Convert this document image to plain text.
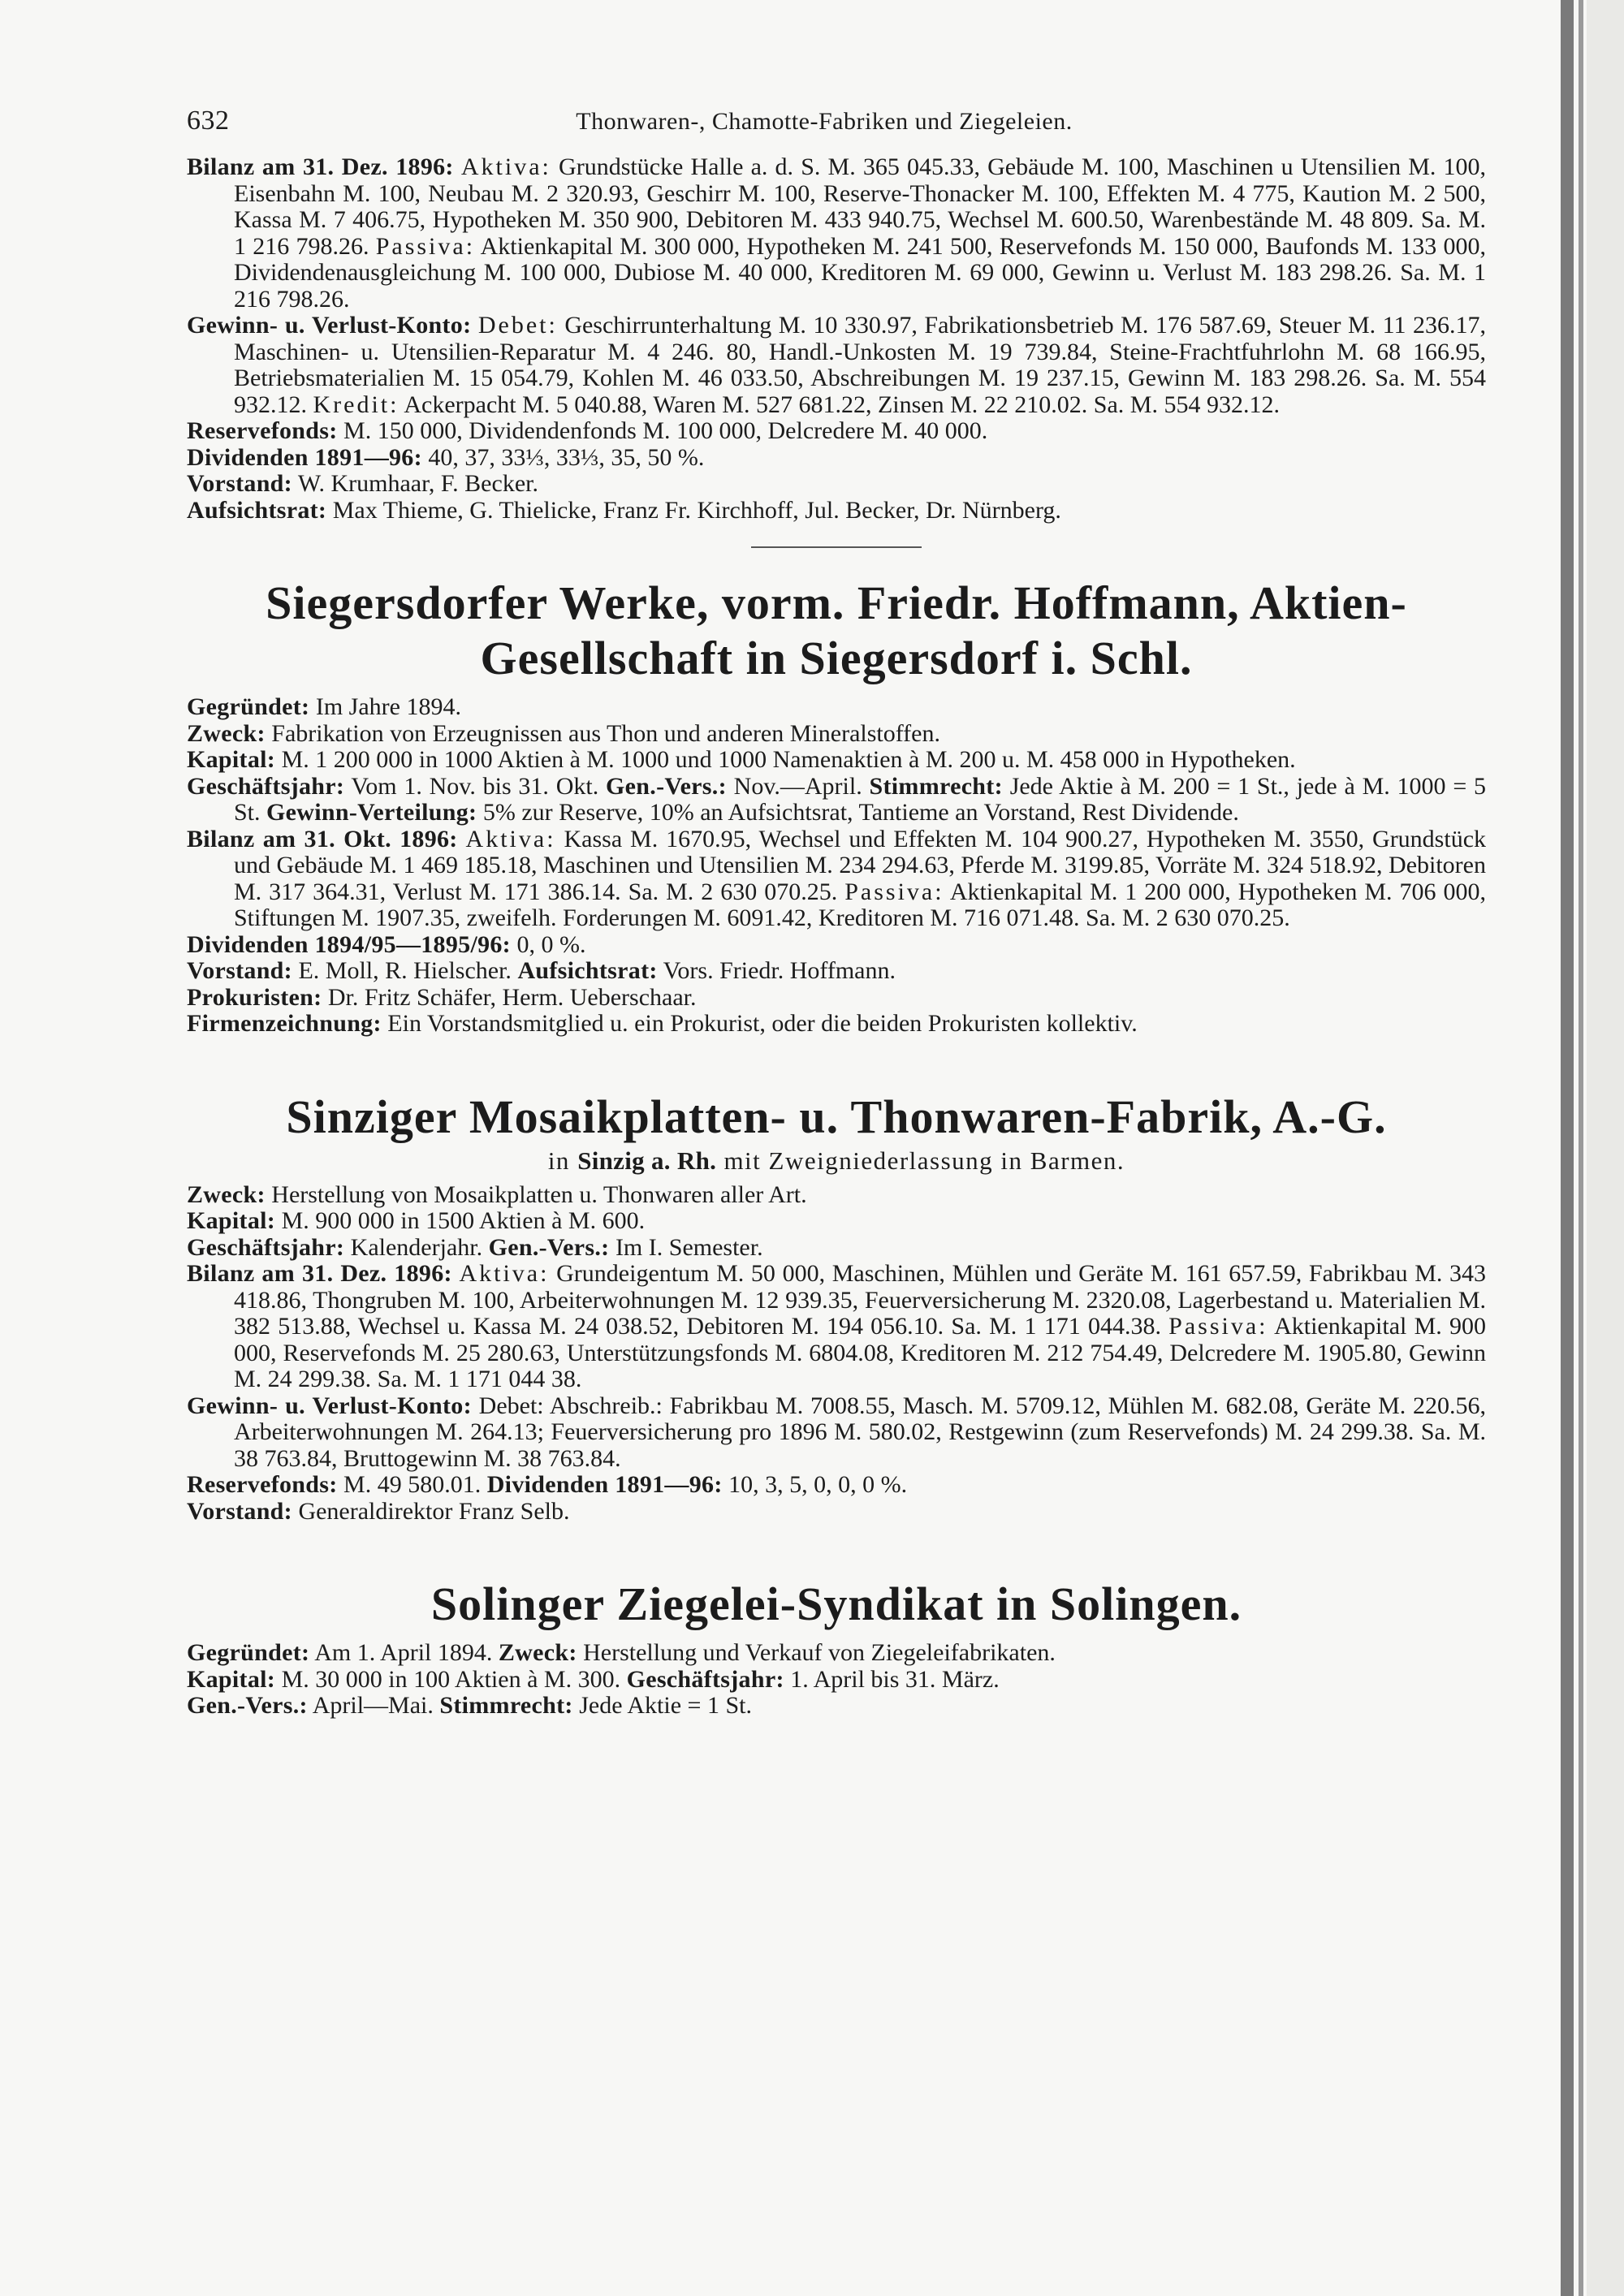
632	Thonwaren-, Chamotte-Fabriken und Ziegeleien.

Bilanz am 31. Dez. 1896: Aktiva: Grundstücke Halle a. d. S. M. 365 045.33, Gebäude M. 100, Maschinen u Utensilien M. 100, Eisenbahn M. 100, Neubau M. 2 320.93, Geschirr M. 100, Reserve-Thonacker M. 100, Effekten M. 4 775, Kaution M. 2 500, Kassa M. 7 406.75, Hypotheken M. 350 900, Debitoren M. 433 940.75, Wechsel M. 600.50, Warenbestände M. 48 809. Sa. M. 1 216 798.26. Passiva: Aktienkapital M. 300 000, Hypotheken M. 241 500, Reservefonds M. 150 000, Baufonds M. 133 000, Dividendenausgleichung M. 100 000, Dubiose M. 40 000, Kreditoren M. 69 000, Gewinn u. Verlust M. 183 298.26. Sa. M. 1 216 798.26.

Gewinn- u. Verlust-Konto: Debet: Geschirrunterhaltung M. 10 330.97, Fabrikationsbetrieb M. 176 587.69, Steuer M. 11 236.17, Maschinen- u. Utensilien-Reparatur M. 4 246. 80, Handl.-Unkosten M. 19 739.84, Steine-Frachtfuhrlohn M. 68 166.95, Betriebsmaterialien M. 15 054.79, Kohlen M. 46 033.50, Abschreibungen M. 19 237.15, Gewinn M. 183 298.26. Sa. M. 554 932.12. Kredit: Ackerpacht M. 5 040.88, Waren M. 527 681.22, Zinsen M. 22 210.02. Sa. M. 554 932.12.

Reservefonds: M. 150 000, Dividendenfonds M. 100 000, Delcredere M. 40 000.

Dividenden 1891—96: 40, 37, 33⅓, 33⅓, 35, 50 %.

Vorstand: W. Krumhaar, F. Becker.

Aufsichtsrat: Max Thieme, G. Thielicke, Franz Fr. Kirchhoff, Jul. Becker, Dr. Nürnberg.

Siegersdorfer Werke, vorm. Friedr. Hoffmann, Aktien-Gesellschaft in Siegersdorf i. Schl.

Gegründet: Im Jahre 1894.

Zweck: Fabrikation von Erzeugnissen aus Thon und anderen Mineralstoffen.

Kapital: M. 1 200 000 in 1000 Aktien à M. 1000 und 1000 Namenaktien à M. 200 u. M. 458 000 in Hypotheken.

Geschäftsjahr: Vom 1. Nov. bis 31. Okt. Gen.-Vers.: Nov.—April. Stimmrecht: Jede Aktie à M. 200 = 1 St., jede à M. 1000 = 5 St. Gewinn-Verteilung: 5% zur Reserve, 10% an Aufsichtsrat, Tantieme an Vorstand, Rest Dividende.

Bilanz am 31. Okt. 1896: Aktiva: Kassa M. 1670.95, Wechsel und Effekten M. 104 900.27, Hypotheken M. 3550, Grundstück und Gebäude M. 1 469 185.18, Maschinen und Utensilien M. 234 294.63, Pferde M. 3199.85, Vorräte M. 324 518.92, Debitoren M. 317 364.31, Verlust M. 171 386.14. Sa. M. 2 630 070.25. Passiva: Aktienkapital M. 1 200 000, Hypotheken M. 706 000, Stiftungen M. 1907.35, zweifelh. Forderungen M. 6091.42, Kreditoren M. 716 071.48. Sa. M. 2 630 070.25.

Dividenden 1894/95—1895/96: 0, 0 %.

Vorstand: E. Moll, R. Hielscher. Aufsichtsrat: Vors. Friedr. Hoffmann.

Prokuristen: Dr. Fritz Schäfer, Herm. Ueberschaar.

Firmenzeichnung: Ein Vorstandsmitglied u. ein Prokurist, oder die beiden Prokuristen kollektiv.

Sinziger Mosaikplatten- u. Thonwaren-Fabrik, A.-G.
in Sinzig a. Rh. mit Zweigniederlassung in Barmen.

Zweck: Herstellung von Mosaikplatten u. Thonwaren aller Art.

Kapital: M. 900 000 in 1500 Aktien à M. 600.

Geschäftsjahr: Kalenderjahr. Gen.-Vers.: Im I. Semester.

Bilanz am 31. Dez. 1896: Aktiva: Grundeigentum M. 50 000, Maschinen, Mühlen und Geräte M. 161 657.59, Fabrikbau M. 343 418.86, Thongruben M. 100, Arbeiterwohnungen M. 12 939.35, Feuerversicherung M. 2320.08, Lagerbestand u. Materialien M. 382 513.88, Wechsel u. Kassa M. 24 038.52, Debitoren M. 194 056.10. Sa. M. 1 171 044.38. Passiva: Aktienkapital M. 900 000, Reservefonds M. 25 280.63, Unterstützungsfonds M. 6804.08, Kreditoren M. 212 754.49, Delcredere M. 1905.80, Gewinn M. 24 299.38. Sa. M. 1 171 044 38.

Gewinn- u. Verlust-Konto: Debet: Abschreib.: Fabrikbau M. 7008.55, Masch. M. 5709.12, Mühlen M. 682.08, Geräte M. 220.56, Arbeiterwohnungen M. 264.13; Feuerversicherung pro 1896 M. 580.02, Restgewinn (zum Reservefonds) M. 24 299.38. Sa. M. 38 763.84, Bruttogewinn M. 38 763.84.

Reservefonds: M. 49 580.01. Dividenden 1891—96: 10, 3, 5, 0, 0, 0 %.

Vorstand: Generaldirektor Franz Selb.

Solinger Ziegelei-Syndikat in Solingen.

Gegründet: Am 1. April 1894. Zweck: Herstellung und Verkauf von Ziegeleifabrikaten.

Kapital: M. 30 000 in 100 Aktien à M. 300. Geschäftsjahr: 1. April bis 31. März.

Gen.-Vers.: April—Mai. Stimmrecht: Jede Aktie = 1 St.
